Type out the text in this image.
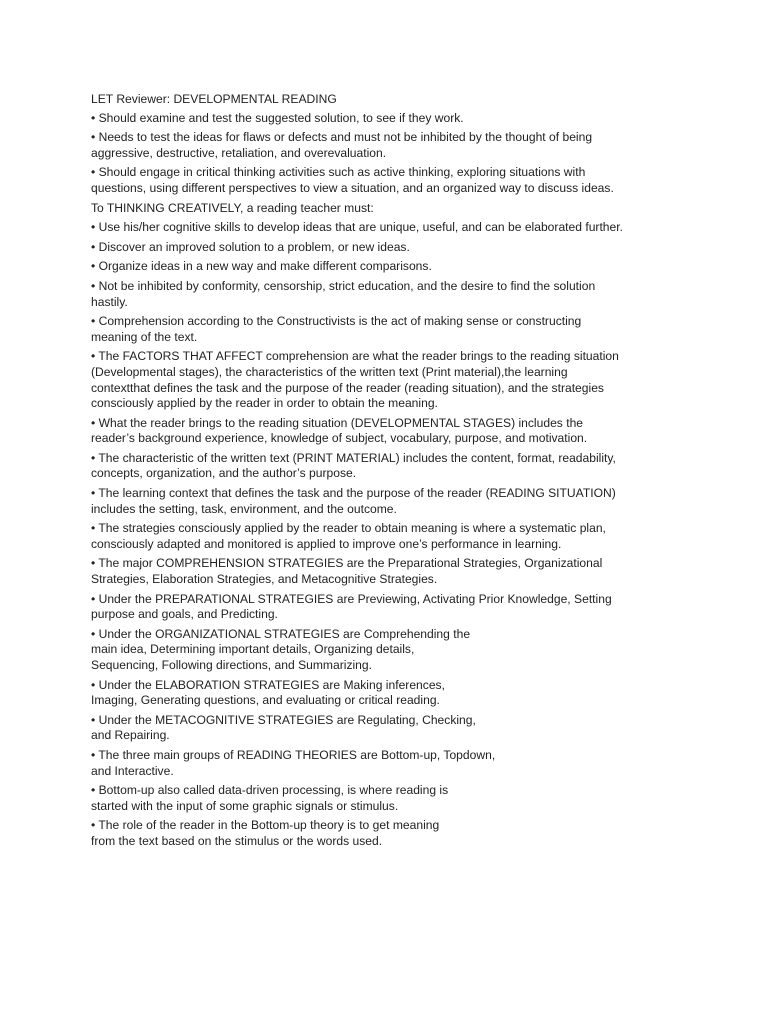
LET Reviewer: DEVELOPMENTAL READING
• Should examine and test the suggested solution, to see if they work.
• Needs to test the ideas for flaws or defects and must not be inhibited by the thought of being
aggressive, destructive, retaliation, and overevaluation.
• Should engage in critical thinking activities such as active thinking, exploring situations with
questions, using different perspectives to view a situation, and an organized way to discuss ideas.
To THINKING CREATIVELY, a reading teacher must:
• Use his/her cognitive skills to develop ideas that are unique, useful, and can be elaborated further.
• Discover an improved solution to a problem, or new ideas.
• Organize ideas in a new way and make different comparisons.
• Not be inhibited by conformity, censorship, strict education, and the desire to find the solution
hastily.
• Comprehension according to the Constructivists is the act of making sense or constructing
meaning of the text.
• The FACTORS THAT AFFECT comprehension are what the reader brings to the reading situation
(Developmental stages), the characteristics of the written text (Print material),the learning
contextthat defines the task and the purpose of the reader (reading situation), and the strategies
consciously applied by the reader in order to obtain the meaning.
• What the reader brings to the reading situation (DEVELOPMENTAL STAGES) includes the
reader’s background experience, knowledge of subject, vocabulary, purpose, and motivation.
• The characteristic of the written text (PRINT MATERIAL) includes the content, format, readability,
concepts, organization, and the author’s purpose.
• The learning context that defines the task and the purpose of the reader (READING SITUATION)
includes the setting, task, environment, and the outcome.
• The strategies consciously applied by the reader to obtain meaning is where a systematic plan,
consciously adapted and monitored is applied to improve one’s performance in learning.
• The major COMPREHENSION STRATEGIES are the Preparational Strategies, Organizational
Strategies, Elaboration Strategies, and Metacognitive Strategies.
• Under the PREPARATIONAL STRATEGIES are Previewing, Activating Prior Knowledge, Setting
purpose and goals, and Predicting.
• Under the ORGANIZATIONAL STRATEGIES are Comprehending the
main idea, Determining important details, Organizing details,
Sequencing, Following directions, and Summarizing.
• Under the ELABORATION STRATEGIES are Making inferences,
Imaging, Generating questions, and evaluating or critical reading.
• Under the METACOGNITIVE STRATEGIES are Regulating, Checking,
and Repairing.
• The three main groups of READING THEORIES are Bottom-up, Topdown,
and Interactive.
• Bottom-up also called data-driven processing, is where reading is
started with the input of some graphic signals or stimulus.
• The role of the reader in the Bottom-up theory is to get meaning
from the text based on the stimulus or the words used.
